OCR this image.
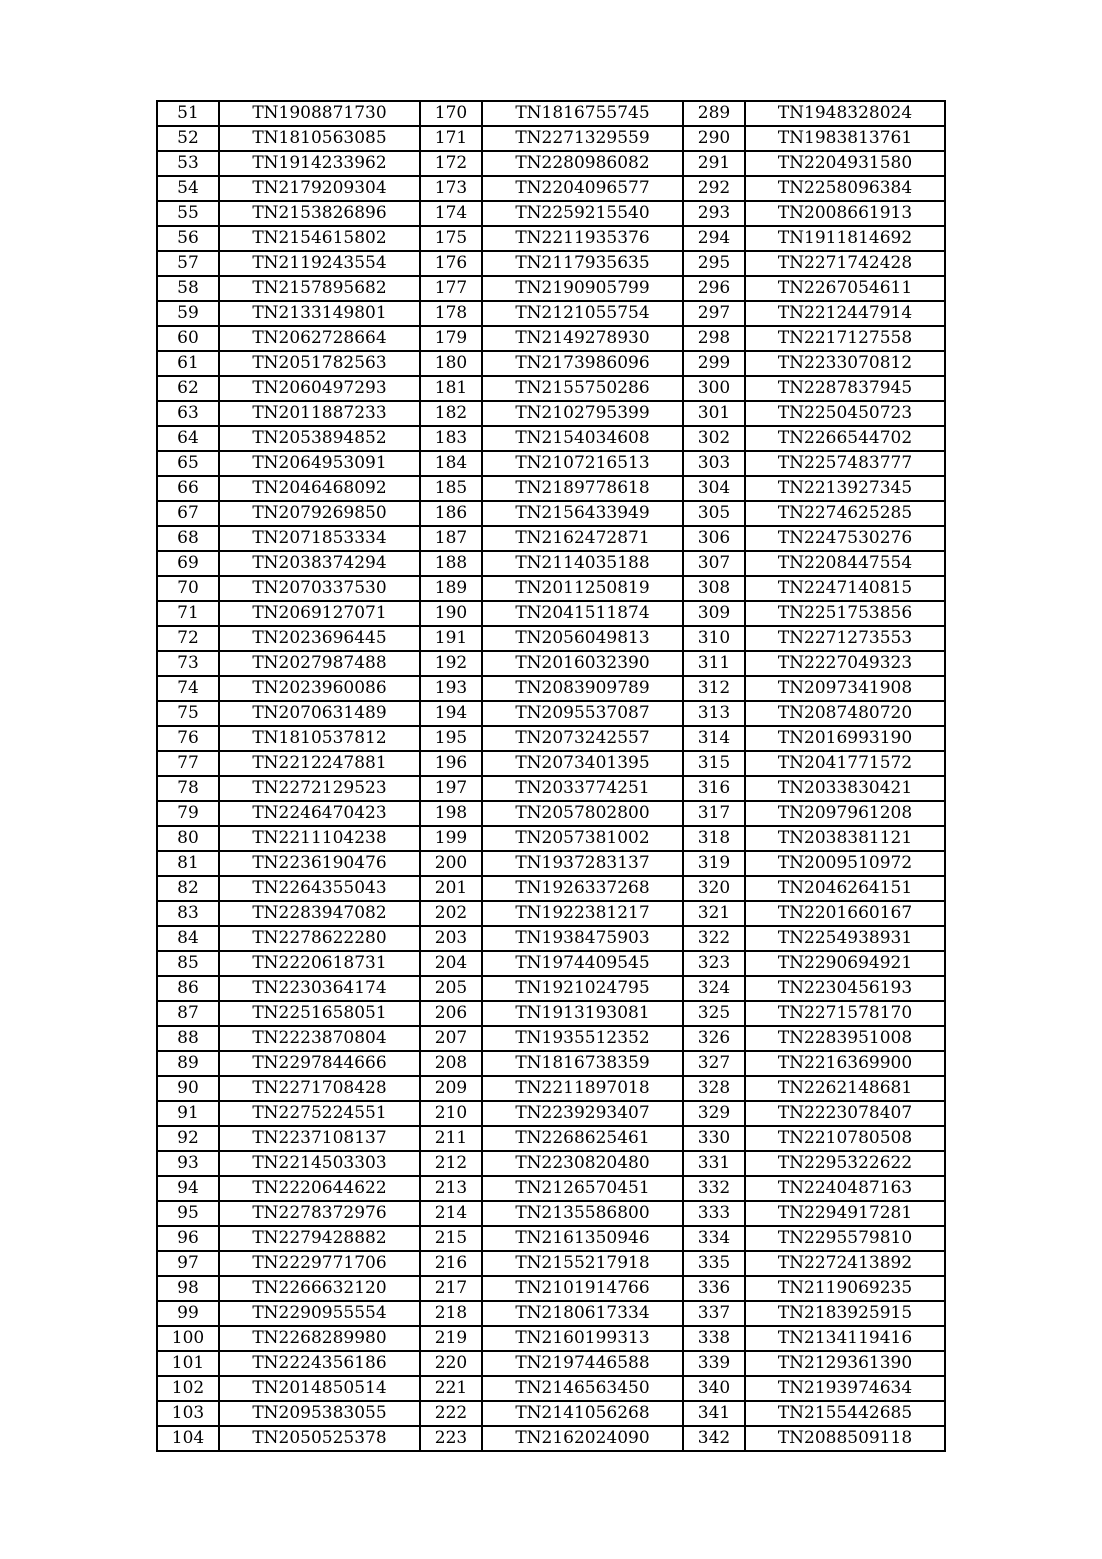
51	TN1908871730	170	TN1816755745	289	TN1948328024
52	TN1810563085	171	TN2271329559	290	TN1983813761
53	TN1914233962	172	TN2280986082	291	TN2204931580
54	TN2179209304	173	TN2204096577	292	TN2258096384
55	TN2153826896	174	TN2259215540	293	TN2008661913
56	TN2154615802	175	TN2211935376	294	TN1911814692
57	TN2119243554	176	TN2117935635	295	TN2271742428
58	TN2157895682	177	TN2190905799	296	TN2267054611
59	TN2133149801	178	TN2121055754	297	TN2212447914
60	TN2062728664	179	TN2149278930	298	TN2217127558
61	TN2051782563	180	TN2173986096	299	TN2233070812
62	TN2060497293	181	TN2155750286	300	TN2287837945
63	TN2011887233	182	TN2102795399	301	TN2250450723
64	TN2053894852	183	TN2154034608	302	TN2266544702
65	TN2064953091	184	TN2107216513	303	TN2257483777
66	TN2046468092	185	TN2189778618	304	TN2213927345
67	TN2079269850	186	TN2156433949	305	TN2274625285
68	TN2071853334	187	TN2162472871	306	TN2247530276
69	TN2038374294	188	TN2114035188	307	TN2208447554
70	TN2070337530	189	TN2011250819	308	TN2247140815
71	TN2069127071	190	TN2041511874	309	TN2251753856
72	TN2023696445	191	TN2056049813	310	TN2271273553
73	TN2027987488	192	TN2016032390	311	TN2227049323
74	TN2023960086	193	TN2083909789	312	TN2097341908
75	TN2070631489	194	TN2095537087	313	TN2087480720
76	TN1810537812	195	TN2073242557	314	TN2016993190
77	TN2212247881	196	TN2073401395	315	TN2041771572
78	TN2272129523	197	TN2033774251	316	TN2033830421
79	TN2246470423	198	TN2057802800	317	TN2097961208
80	TN2211104238	199	TN2057381002	318	TN2038381121
81	TN2236190476	200	TN1937283137	319	TN2009510972
82	TN2264355043	201	TN1926337268	320	TN2046264151
83	TN2283947082	202	TN1922381217	321	TN2201660167
84	TN2278622280	203	TN1938475903	322	TN2254938931
85	TN2220618731	204	TN1974409545	323	TN2290694921
86	TN2230364174	205	TN1921024795	324	TN2230456193
87	TN2251658051	206	TN1913193081	325	TN2271578170
88	TN2223870804	207	TN1935512352	326	TN2283951008
89	TN2297844666	208	TN1816738359	327	TN2216369900
90	TN2271708428	209	TN2211897018	328	TN2262148681
91	TN2275224551	210	TN2239293407	329	TN2223078407
92	TN2237108137	211	TN2268625461	330	TN2210780508
93	TN2214503303	212	TN2230820480	331	TN2295322622
94	TN2220644622	213	TN2126570451	332	TN2240487163
95	TN2278372976	214	TN2135586800	333	TN2294917281
96	TN2279428882	215	TN2161350946	334	TN2295579810
97	TN2229771706	216	TN2155217918	335	TN2272413892
98	TN2266632120	217	TN2101914766	336	TN2119069235
99	TN2290955554	218	TN2180617334	337	TN2183925915
100	TN2268289980	219	TN2160199313	338	TN2134119416
101	TN2224356186	220	TN2197446588	339	TN2129361390
102	TN2014850514	221	TN2146563450	340	TN2193974634
103	TN2095383055	222	TN2141056268	341	TN2155442685
104	TN2050525378	223	TN2162024090	342	TN2088509118
